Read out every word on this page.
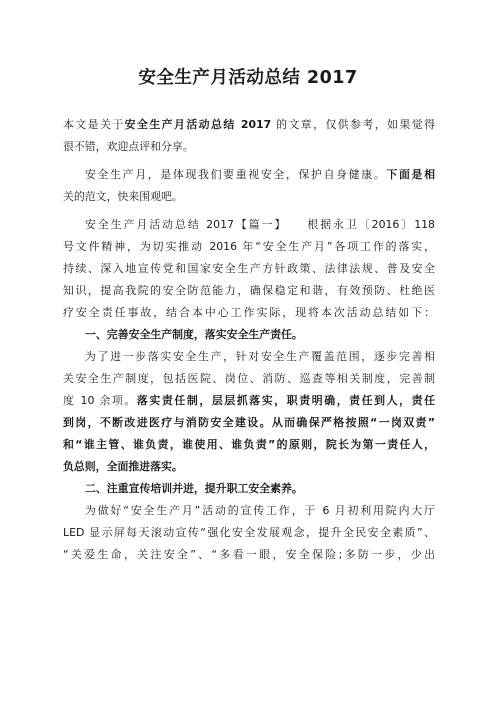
安全生产月活动总结 2017
本文是关于安全生产月活动总结 2017 的文章，仅供参考，如果觉得
很不错，欢迎点评和分享。
安全生产月，是体现我们要重视安全，保护自身健康。下面是相
关的范文，快来围观吧。
安全生产月活动总结 2017【篇一】 根据永卫〔2016〕118
号文件精神，为切实推动 2016 年“安全生产月”各项工作的落实，
持续、深入地宣传党和国家安全生产方针政策、法律法规、普及安全
知识，提高我院的安全防范能力，确保稳定和谐，有效预防、杜绝医
疗安全责任事故，结合本中心工作实际，现将本次活动总结如下：
一、完善安全生产制度，落实安全生产责任。
为了进一步落实安全生产，针对安全生产覆盖范围，逐步完善相
关安全生产制度，包括医院、岗位、消防、巡查等相关制度，完善制
度 10 余项。落实责任制，层层抓落实，职责明确，责任到人，责任
到岗，不断改进医疗与消防安全建设。从而确保严格按照“一岗双责”
和“谁主管、谁负责，谁使用、谁负责”的原则，院长为第一责任人，
负总则，全面推进落实。
二、注重宣传培训并进，提升职工安全素养。
为做好“安全生产月”活动的宣传工作，于 6 月初利用院内大厅
LED 显示屏每天滚动宣传“强化安全发展观念，提升全民安全素质”、
“关爱生命，关注安全”、“多看一眼，安全保险;多防一步，少出
